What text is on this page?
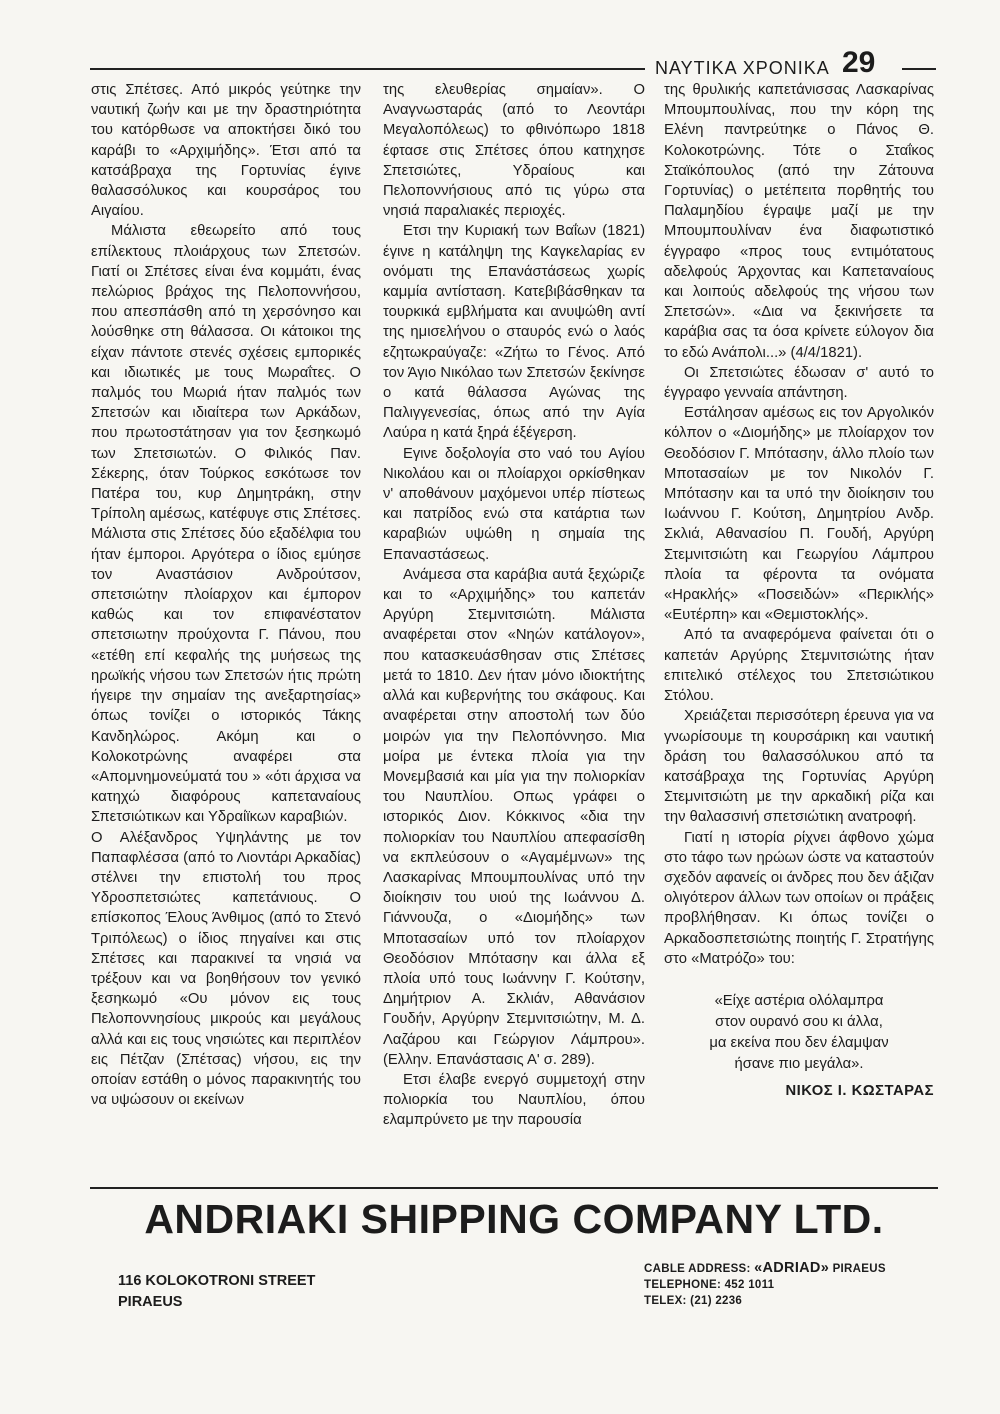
ΝΑΥΤΙΚΑ ΧΡΟΝΙΚΑ 29

στις Σπέτσες. Από μικρός γεύτηκε την ναυτική ζωήν και με την δραστηριότητα του κατόρθωσε να αποκτήσει δικό του καράβι το «Αρχιμήδης». Έτσι από τα κατσάβραχα της Γορτυνίας έγινε θαλασσόλυκος και κουρσάρος του Αιγαίου.

Μάλιστα εθεωρείτο από τους επίλεκτους πλοιάρχους των Σπετσών. Γιατί οι Σπέτσες είναι ένα κομμάτι, ένας πελώριος βράχος της Πελοποννήσου, που απεσπάσθη από τη χερσόνησο και λούσθηκε στη θάλασσα. Οι κάτοικοι της είχαν πάντοτε στενές σχέσεις εμπορικές και ιδιωτικές με τους Μωραΐτες. Ο παλμός του Μωριά ήταν παλμός των Σπετσών και ιδιαίτερα των Αρκάδων, που πρωτοστάτησαν για τον ξεσηκωμό των Σπετσιωτών. Ο Φιλικός Παν. Σέκερης, όταν Τούρκος εσκότωσε τον Πατέρα του, κυρ Δημητράκη, στην Τρίπολη αμέσως, κατέφυγε στις Σπέτσες. Μάλιστα στις Σπέτσες δύο εξαδέλφια του ήταν έμποροι. Αργότερα ο ίδιος εμύησε τον Αναστάσιον Ανδρούτσον, σπετσιώτην πλοίαρχον και έμπορον καθώς και τον επιφανέστατον σπετσιωτην προύχοντα Γ. Πάνου, που «ετέθη επί κεφαλής της μυήσεως της ηρωϊκής νήσου των Σπετσών ήτις πρώτη ήγειρε την σημαίαν της ανεξαρτησίας» όπως τονίζει ο ιστορικός Τάκης Κανδηλώρος. Ακόμη και ο Κολοκοτρώνης αναφέρει στα «Απομνημονεύματά του » «ότι άρχισα να κατηχώ διαφόρους καπεταναίους Σπετσιώτικων και Υδραίϊκων καραβιών.

Ο Αλέξανδρος Υψηλάντης με τον Παπαφλέσσα (από το Λιοντάρι Αρκαδίας) στέλνει την επιστολή του προς Υδροσπετσιώτες καπετάνιους. Ο επίσκοπος Έλους Άνθιμος (από το Στενό Τριπόλεως) ο ίδιος πηγαίνει και στις Σπέτσες και παρακινεί τα νησιά να τρέξουν και να βοηθήσουν τον γενικό ξεσηκωμό «Ου μόνον εις τους Πελοποννησίους μικρούς και μεγάλους αλλά και εις τους νησιώτες και περιπλέον εις Πέτζαν (Σπέτσας) νήσου, εις την οποίαν εστάθη ο μόνος παρακινητής του να υψώσουν οι εκείνων

της ελευθερίας σημαίαν». Ο Αναγνωσταράς (από το Λεοντάρι Μεγαλοπόλεως) το φθινόπωρο 1818 έφτασε στις Σπέτσες όπου κατηχησε Σπετσιώτες, Υδραίους και Πελοποννήσιους από τις γύρω στα νησιά παραλιακές περιοχές.

Ετσι την Κυριακή των Βαΐων (1821) έγινε η κατάληψη της Καγκελαρίας εν ονόματι της Επανάστάσεως χωρίς καμμία αντίσταση. Κατεβιβάσθηκαν τα τουρκικά εμβλήματα και ανυψώθη αντί της ημισελήνου ο σταυρός ενώ ο λαός εζητωκραύγαζε: «Ζήτω το Γένος. Από τον Άγιο Νικόλαο των Σπετσών ξεκίνησε ο κατά θάλασσα Αγώνας της Παλιγγενεσίας, όπως από την Αγία Λαύρα η κατά ξηρά έξέγερση.

Εγινε δοξολογία στο ναό του Αγίου Νικολάου και οι πλοίαρχοι ορκίσθηκαν ν' αποθάνουν μαχόμενοι υπέρ πίστεως και πατρίδος ενώ στα κατάρτια των καραβιών υψώθη η σημαία της Επαναστάσεως.

Ανάμεσα στα καράβια αυτά ξεχώριζε και το «Αρχιμήδης» του καπετάν Αργύρη Στεμνιτσιώτη. Μάλιστα αναφέρεται στον «Νηών κατάλογον», που κατασκευάσθησαν στις Σπέτσες μετά το 1810. Δεν ήταν μόνο ιδιοκτήτης αλλά και κυβερνήτης του σκάφους. Και αναφέρεται στην αποστολή των δύο μοιρών για την Πελοπόννησο. Μια μοίρα με έντεκα πλοία για την Μονεμβασιά και μία για την πολιορκίαν του Ναυπλίου. Οπως γράφει ο ιστορικός Διον. Κόκκινος «δια την πολιορκίαν του Ναυπλίου απεφασίσθη να εκπλεύσουν ο «Αγαμέμνων» της Λασκαρίνας Μπουμπουλίνας υπό την διοίκησιν του υιού της Ιωάννου Δ. Γιάννουζα, ο «Διομήδης» των Μποτασαίων υπό τον πλοίαρχον Θεοδόσιον Μπότασην και άλλα εξ πλοία υπό τους Ιωάννην Γ. Κούτσην, Δημήτριον Α. Σκλιάν, Αθανάσιον Γουδήν, Αργύρην Στεμνιτσιώτην, Μ. Δ. Λαζάρου και Γεώργιον Λάμπρου». (Ελλην. Επανάστασις Α' σ. 289).

Ετσι έλαβε ενεργό συμμετοχή στην πολιορκία του Ναυπλίου, όπου ελαμπρύνετο με την παρουσία

της θρυλικής καπετάνισσας Λασκαρίνας Μπουμπουλίνας, που την κόρη της Ελένη παντρεύτηκε ο Πάνος Θ. Κολοκοτρώνης. Τότε ο Σταΐκος Σταϊκόπουλος (από την Ζάτουνα Γορτυνίας) ο μετέπειτα πορθητής του Παλαμηδίου έγραψε μαζί με την Μπουμπουλίναν ένα διαφωτιστικό έγγραφο «προς τους εντιμότατους αδελφούς Άρχοντας και Καπεταναίους και λοιπούς αδελφούς της νήσου των Σπετσών». «Δια να ξεκινήσετε τα καράβια σας τα όσα κρίνετε εύλογον δια το εδώ Ανάπολι...» (4/4/1821).

Οι Σπετσιώτες έδωσαν σ' αυτό το έγγραφο γενναία απάντηση.

Εστάλησαν αμέσως εις τον Αργολικόν κόλπον ο «Διομήδης» με πλοίαρχον τον Θεοδόσιον Γ. Μπότασην, άλλο πλοίο των Μποτασαίων με τον Νικολόν Γ. Μπότασην και τα υπό την διοίκησιν του Ιωάννου Γ. Κούτση, Δημητρίου Ανδρ. Σκλιά, Αθανασίου Π. Γουδή, Αργύρη Στεμνιτσιώτη και Γεωργίου Λάμπρου πλοία τα φέροντα τα ονόματα «Ηρακλής» «Ποσειδών» «Περικλής» «Ευτέρπη» και «Θεμιστοκλής».

Από τα αναφερόμενα φαίνεται ότι ο καπετάν Αργύρης Στεμνιτσιώτης ήταν επιτελικό στέλεχος του Σπετσιώτικου Στόλου.

Χρειάζεται περισσότερη έρευνα για να γνωρίσουμε τη κουρσάρικη και ναυτική δράση του θαλασσόλυκου από τα κατσάβραχα της Γορτυνίας Αργύρη Στεμνιτσιώτη με την αρκαδική ρίζα και την θαλασσινή σπετσιώτικη ανατροφή.

Γιατί η ιστορία ρίχνει άφθονο χώμα στο τάφο των ηρώων ώστε να καταστούν σχεδόν αφανείς οι άνδρες που δεν άξιζαν ολιγότερον άλλων των οποίων οι πράξεις προβλήθησαν. Κι όπως τονίζει ο Αρκαδοσπετσιώτης ποιητής Γ. Στρατήγης στο «Ματρόζο» του:

«Είχε αστέρια ολόλαμπρα
στον ουρανό σου κι άλλα,
μα εκείνα που δεν έλαμψαν
ήσανε πιο μεγάλα».
ΝΙΚΟΣ Ι. ΚΩΣΤΑΡΑΣ
ANDRIAKI SHIPPING COMPANY LTD.
116 KOLOKOTRONI STREET
PIRAEUS
CABLE ADDRESS: «ADRIAD» PIRAEUS
TELEPHONE: 452 1011
TELEX: (21) 2236
